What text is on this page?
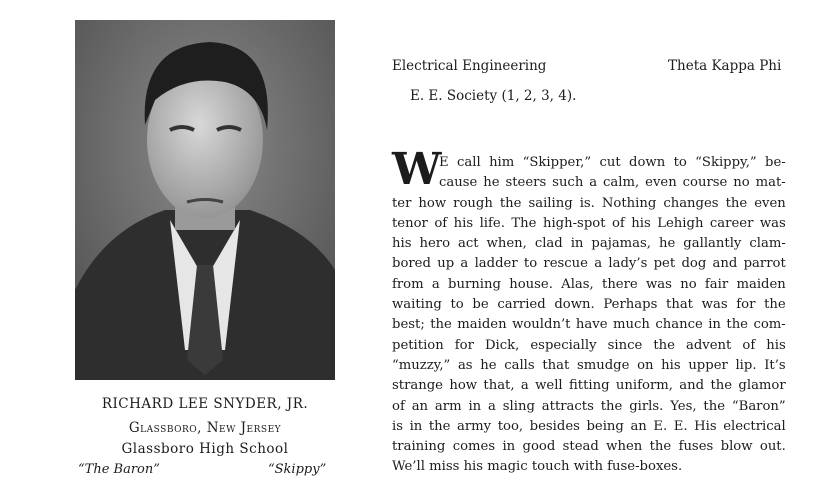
RICHARD LEE SNYDER, JR.
Glassboro, New Jersey
Glassboro High School
“The Baron”	“Skippy”
Electrical Engineering	Theta Kappa Phi
E. E. Society (1, 2, 3, 4).
W
E call him “Skipper,” cut down to “Skippy,” be-
cause he steers such a calm, even course no mat-
ter how rough the sailing is. Nothing changes the even
tenor of his life. The high-spot of his Lehigh career was
his hero act when, clad in pajamas, he gallantly clam-
bored up a ladder to rescue a lady’s pet dog and parrot
from a burning house. Alas, there was no fair maiden
waiting to be carried down. Perhaps that was for the
best; the maiden wouldn’t have much chance in the com-
petition for Dick, especially since the advent of his
“muzzy,” as he calls that smudge on his upper lip. It’s
strange how that, a well fitting uniform, and the glamor
of an arm in a sling attracts the girls. Yes, the “Baron”
is in the army too, besides being an E. E. His electrical
training comes in good stead when the fuses blow out.
We’ll miss his magic touch with fuse-boxes.
